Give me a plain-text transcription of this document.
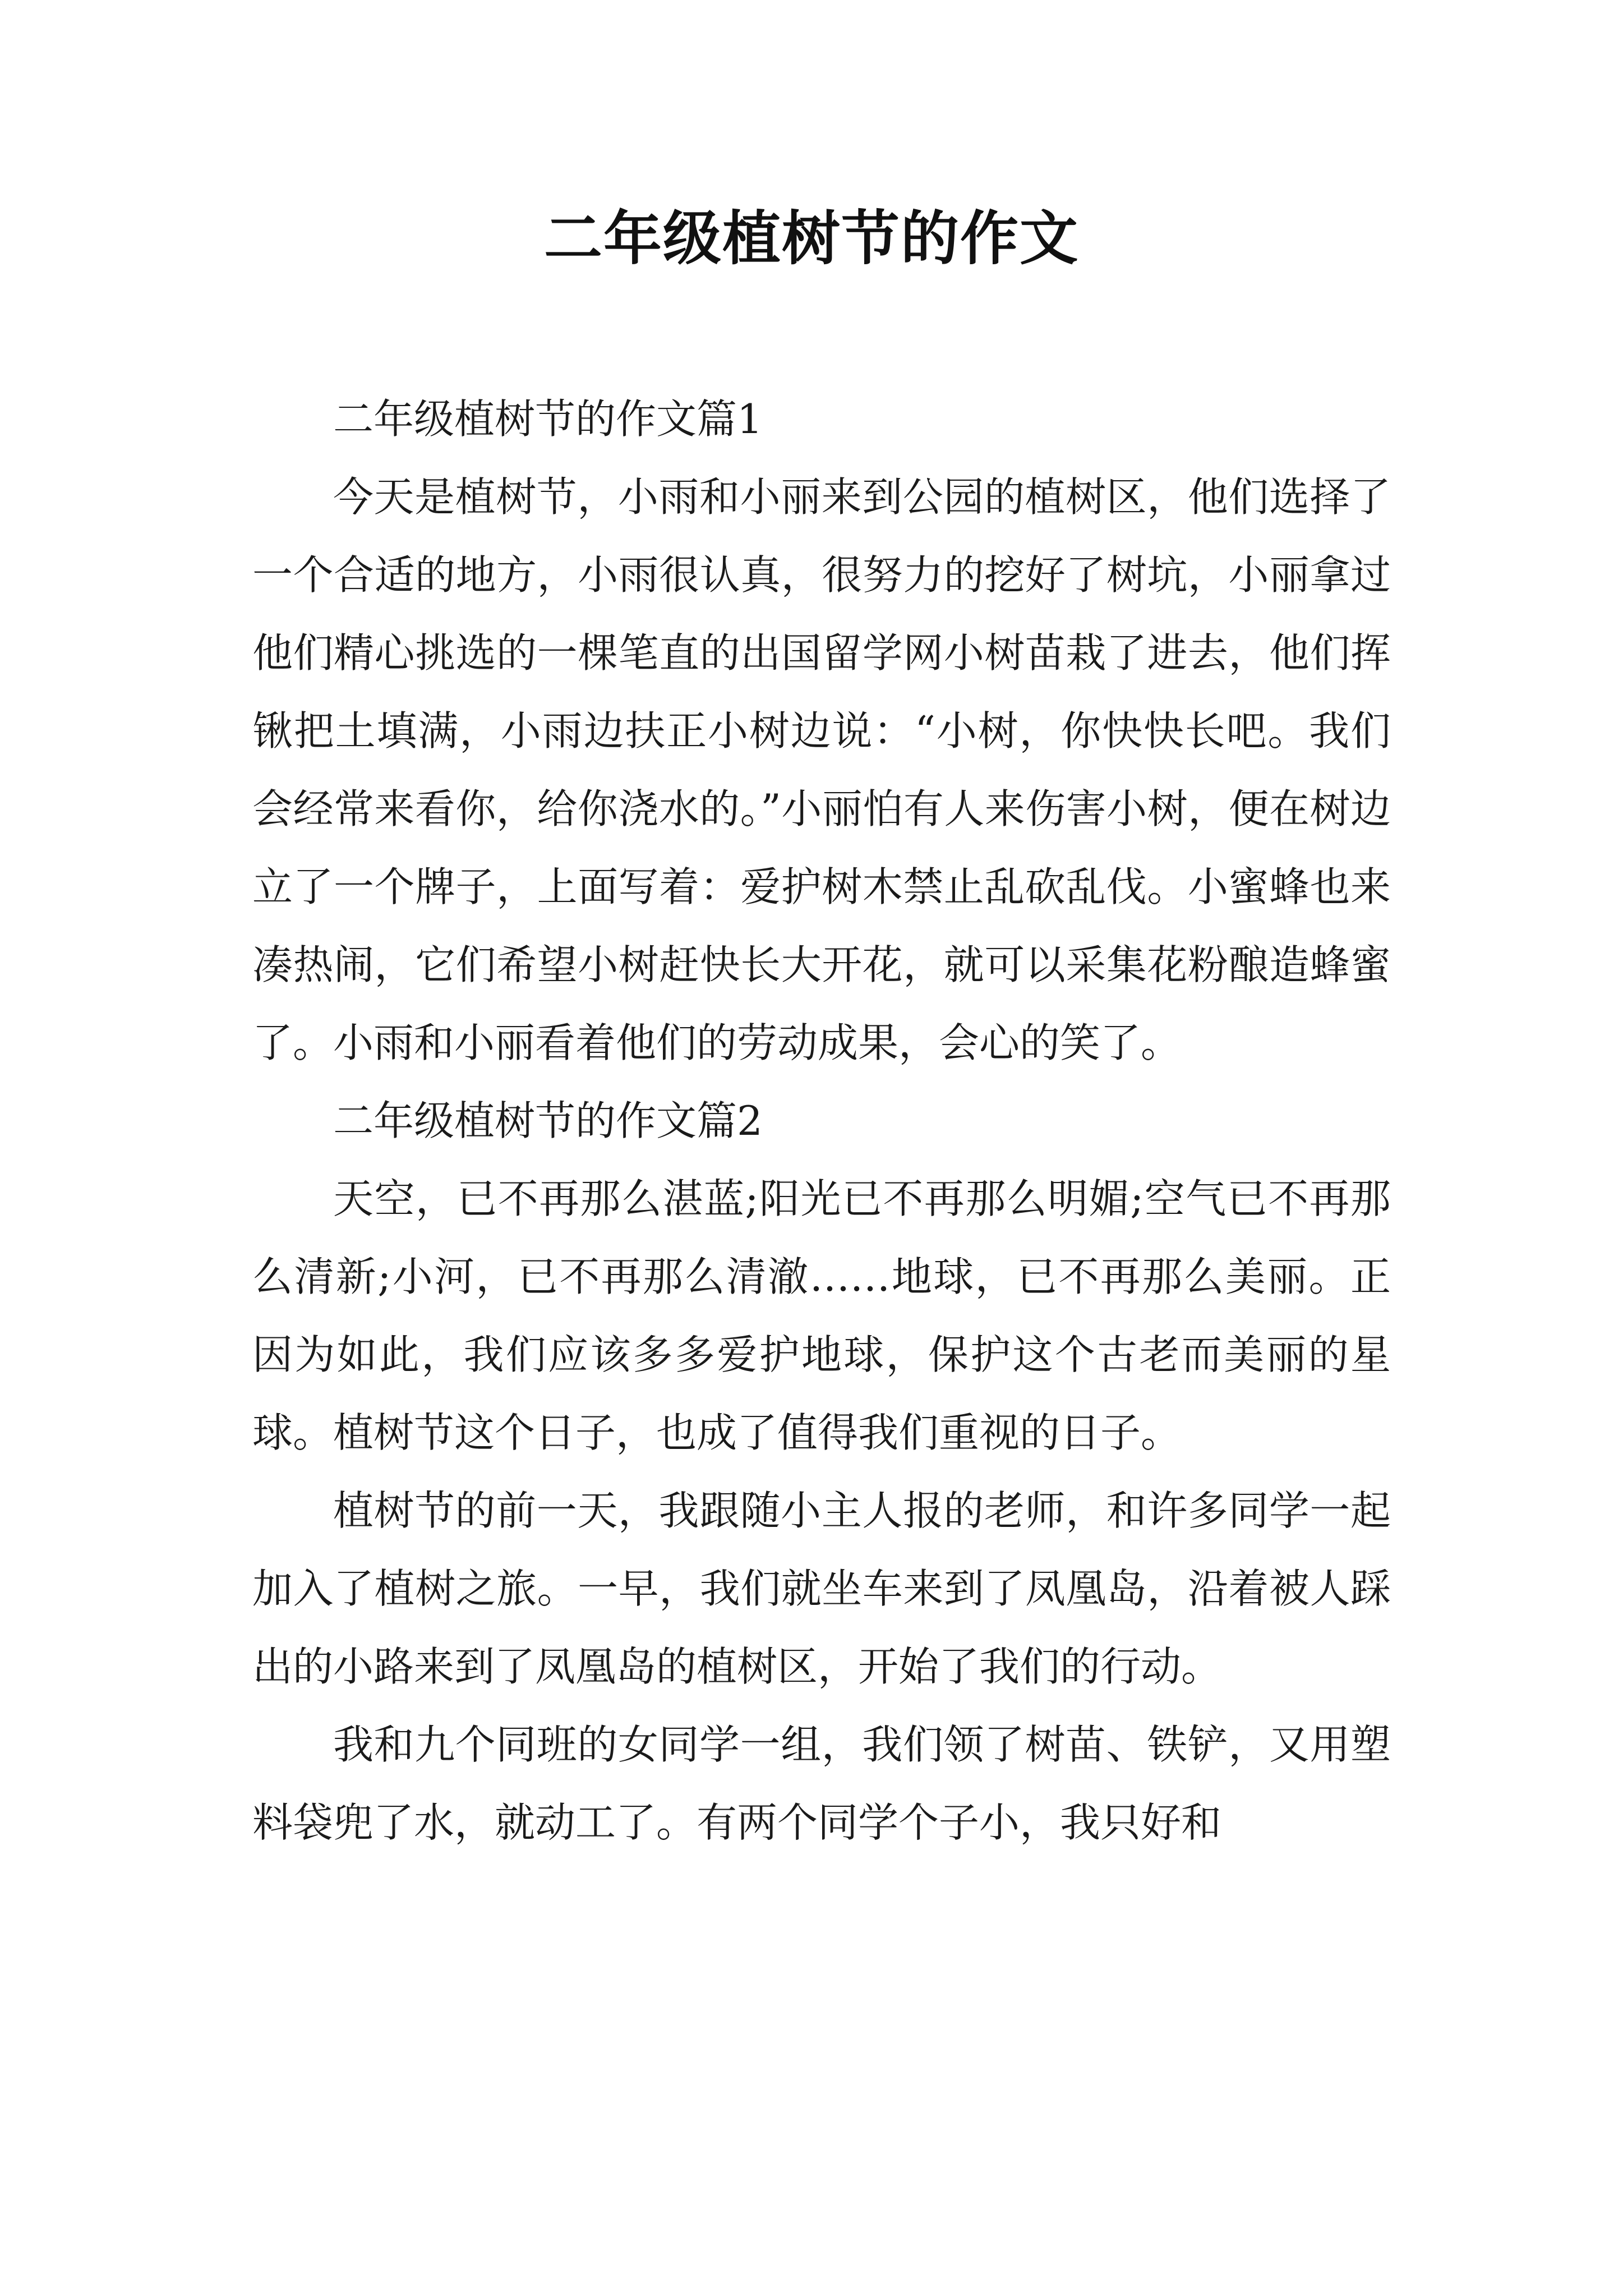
二年级植树节的作文

二年级植树节的作文篇1

今天是植树节，小雨和小丽来到公园的植树区，他们选择了一个合适的地方，小雨很认真，很努力的挖好了树坑，小丽拿过他们精心挑选的一棵笔直的出国留学网小树苗栽了进去，他们挥锹把土填满，小雨边扶正小树边说：“小树，你快快长吧。我们会经常来看你，给你浇水的。”小丽怕有人来伤害小树，便在树边立了一个牌子，上面写着：爱护树木禁止乱砍乱伐。小蜜蜂也来凑热闹，它们希望小树赶快长大开花，就可以采集花粉酿造蜂蜜了。小雨和小丽看着他们的劳动成果，会心的笑了。

二年级植树节的作文篇2

天空，已不再那么湛蓝;阳光已不再那么明媚;空气已不再那么清新;小河，已不再那么清澈……地球，已不再那么美丽。正因为如此，我们应该多多爱护地球，保护这个古老而美丽的星球。植树节这个日子，也成了值得我们重视的日子。

植树节的前一天，我跟随小主人报的老师，和许多同学一起加入了植树之旅。一早，我们就坐车来到了凤凰岛，沿着被人踩出的小路来到了凤凰岛的植树区，开始了我们的行动。

我和九个同班的女同学一组，我们领了树苗、铁铲，又用塑料袋兜了水，就动工了。有两个同学个子小，我只好和
